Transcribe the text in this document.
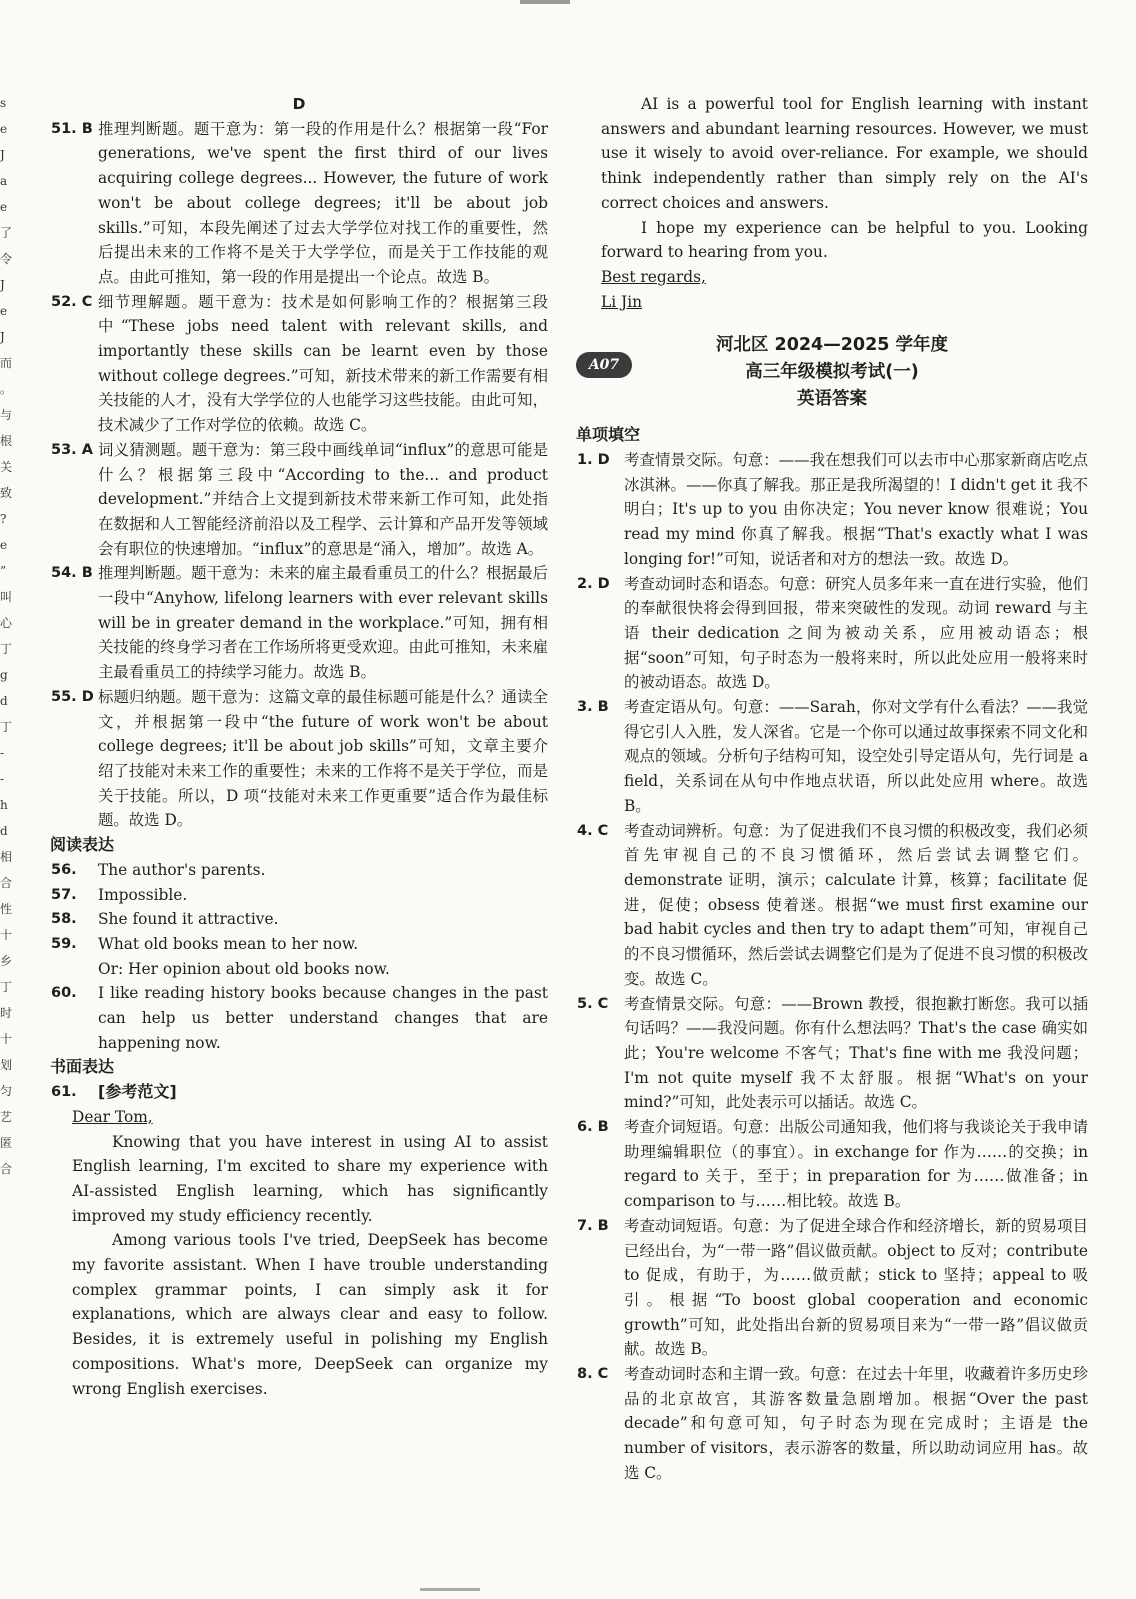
s
e
J
a
e
了
令
J
e
J
而
。
与
根
关
致
?
e
”
叫
心
丁
g
d
丁
-
-
h
d
相
合
性
十
乡
丁
时
十
划
匀
艺
匿
合

D

51. B 推理判断题。题干意为：第一段的作用是什么？根据第一段“For generations, we've spent the first third of our lives acquiring college degrees... However, the future of work won't be about college degrees; it'll be about job skills.”可知，本段先阐述了过去大学学位对找工作的重要性，然后提出未来的工作将不是关于大学学位，而是关于工作技能的观点。由此可推知，第一段的作用是提出一个论点。故选 B。
52. C 细节理解题。题干意为：技术是如何影响工作的？根据第三段中“These jobs need talent with relevant skills, and importantly these skills can be learnt even by those without college degrees.”可知，新技术带来的新工作需要有相关技能的人才，没有大学学位的人也能学习这些技能。由此可知，技术减少了工作对学位的依赖。故选 C。
53. A 词义猜测题。题干意为：第三段中画线单词“influx”的意思可能是什么？根据第三段中“According to the... and product development.”并结合上文提到新技术带来新工作可知，此处指在数据和人工智能经济前沿以及工程学、云计算和产品开发等领域会有职位的快速增加。“influx”的意思是“涌入，增加”。故选 A。
54. B 推理判断题。题干意为：未来的雇主最看重员工的什么？根据最后一段中“Anyhow, lifelong learners with ever relevant skills will be in greater demand in the workplace.”可知，拥有相关技能的终身学习者在工作场所将更受欢迎。由此可推知，未来雇主最看重员工的持续学习能力。故选 B。
55. D 标题归纳题。题干意为：这篇文章的最佳标题可能是什么？通读全文，并根据第一段中“the future of work won't be about college degrees; it'll be about job skills”可知，文章主要介绍了技能对未来工作的重要性；未来的工作将不是关于学位，而是关于技能。所以，D 项“技能对未来工作更重要”适合作为最佳标题。故选 D。

阅读表达

56.	The author's parents.
57.	Impossible.
58.	She found it attractive.
59.	What old books mean to her now.
Or: Her opinion about old books now.
60.	I like reading history books because changes in the past can help us better understand changes that are happening now.

书面表达

61.	[参考范文]

Dear Tom,

Knowing that you have interest in using AI to assist English learning, I'm excited to share my experience with AI-assisted English learning, which has significantly improved my study efficiency recently.

Among various tools I've tried, DeepSeek has become my favorite assistant. When I have trouble understanding complex grammar points, I can simply ask it for explanations, which are always clear and easy to follow. Besides, it is extremely useful in polishing my English compositions. What's more, DeepSeek can organize my wrong English exercises.

AI is a powerful tool for English learning with instant answers and abundant learning resources. However, we must use it wisely to avoid over-reliance. For example, we should think independently rather than simply rely on the AI's correct choices and answers.

I hope my experience can be helpful to you. Looking forward to hearing from you.

Best regards,

Li Jin

A07
河北区 2024—2025 学年度
高三年级模拟考试(一)
英语答案

单项填空

1. D 考查情景交际。句意：——我在想我们可以去市中心那家新商店吃点冰淇淋。——你真了解我。那正是我所渴望的！I didn't get it 我不明白；It's up to you 由你决定；You never know 很难说；You read my mind 你真了解我。根据“That's exactly what I was longing for!”可知，说话者和对方的想法一致。故选 D。
2. D 考查动词时态和语态。句意：研究人员多年来一直在进行实验，他们的奉献很快将会得到回报，带来突破性的发现。动词 reward 与主语 their dedication 之间为被动关系，应用被动语态；根据“soon”可知，句子时态为一般将来时，所以此处应用一般将来时的被动语态。故选 D。
3. B 考查定语从句。句意：——Sarah，你对文学有什么看法？——我觉得它引人入胜，发人深省。它是一个你可以通过故事探索不同文化和观点的领域。分析句子结构可知，设空处引导定语从句，先行词是 a field，关系词在从句中作地点状语，所以此处应用 where。故选 B。
4. C	考查动词辨析。句意：为了促进我们不良习惯的积极改变，我们必须首先审视自己的不良习惯循环，然后尝试去调整它们。demonstrate 证明，演示；calculate 计算，核算；facilitate 促进，促使；obsess 使着迷。根据“we must first examine our bad habit cycles and then try to adapt them”可知，审视自己的不良习惯循环，然后尝试去调整它们是为了促进不良习惯的积极改变。故选 C。
5. C	考查情景交际。句意：——Brown 教授，很抱歉打断您。我可以插句话吗？——我没问题。你有什么想法吗？That's the case 确实如此；You're welcome 不客气；That's fine with me 我没问题；I'm not quite myself 我不太舒服。根据“What's on your mind?”可知，此处表示可以插话。故选 C。
6. B 考查介词短语。句意：出版公司通知我，他们将与我谈论关于我申请助理编辑职位（的事宜）。in exchange for 作为……的交换；in regard to 关于，至于；in preparation for 为……做准备；in comparison to 与……相比较。故选 B。
7. B 考查动词短语。句意：为了促进全球合作和经济增长，新的贸易项目已经出台，为“一带一路”倡议做贡献。object to 反对；contribute to 促成，有助于，为……做贡献；stick to 坚持；appeal to 吸引。根据“To boost global cooperation and economic growth”可知，此处指出台新的贸易项目来为“一带一路”倡议做贡献。故选 B。
8. C	考查动词时态和主谓一致。句意：在过去十年里，收藏着许多历史珍品的北京故宫，其游客数量急剧增加。根据“Over the past decade”和句意可知，句子时态为现在完成时；主语是 the number of visitors，表示游客的数量，所以助动词应用 has。故选 C。
